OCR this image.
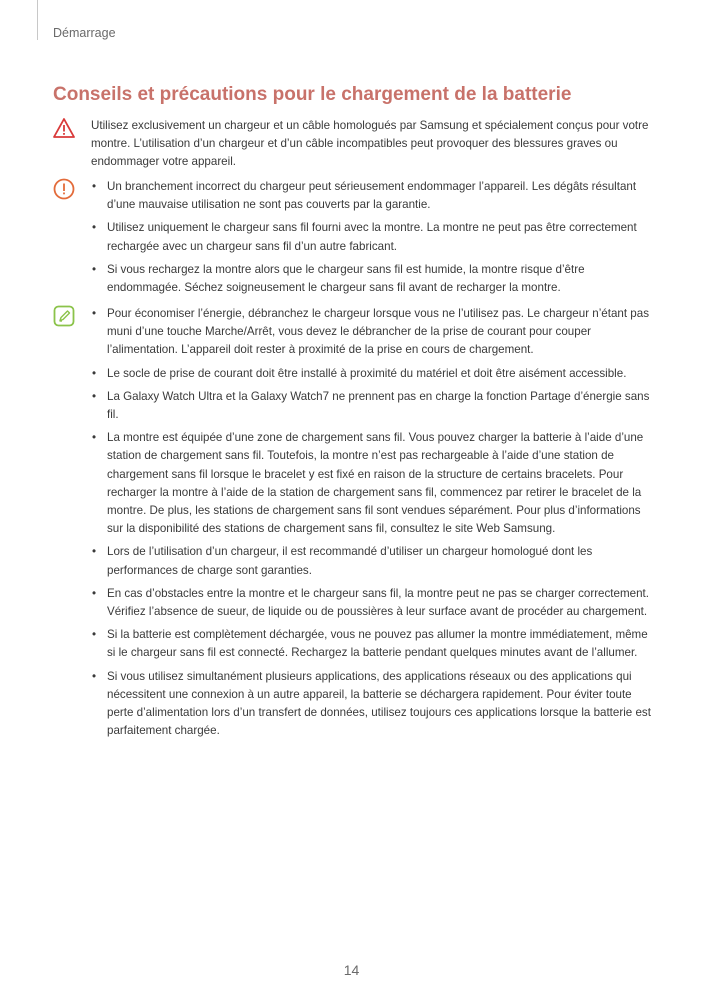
Démarrage
Conseils et précautions pour le chargement de la batterie
Utilisez exclusivement un chargeur et un câble homologués par Samsung et spécialement conçus pour votre montre. L’utilisation d’un chargeur et d’un câble incompatibles peut provoquer des blessures graves ou endommager votre appareil.
• Un branchement incorrect du chargeur peut sérieusement endommager l’appareil. Les dégâts résultant d’une mauvaise utilisation ne sont pas couverts par la garantie.
• Utilisez uniquement le chargeur sans fil fourni avec la montre. La montre ne peut pas être correctement rechargée avec un chargeur sans fil d’un autre fabricant.
• Si vous rechargez la montre alors que le chargeur sans fil est humide, la montre risque d’être endommagée. Séchez soigneusement le chargeur sans fil avant de recharger la montre.
• Pour économiser l’énergie, débranchez le chargeur lorsque vous ne l’utilisez pas. Le chargeur n’étant pas muni d’une touche Marche/Arrêt, vous devez le débrancher de la prise de courant pour couper l’alimentation. L’appareil doit rester à proximité de la prise en cours de chargement.
• Le socle de prise de courant doit être installé à proximité du matériel et doit être aisément accessible.
• La Galaxy Watch Ultra et la Galaxy Watch7 ne prennent pas en charge la fonction Partage d’énergie sans fil.
• La montre est équipée d’une zone de chargement sans fil. Vous pouvez charger la batterie à l’aide d’une station de chargement sans fil. Toutefois, la montre n’est pas rechargeable à l’aide d’une station de chargement sans fil lorsque le bracelet y est fixé en raison de la structure de certains bracelets. Pour recharger la montre à l’aide de la station de chargement sans fil, commencez par retirer le bracelet de la montre. De plus, les stations de chargement sans fil sont vendues séparément. Pour plus d’informations sur la disponibilité des stations de chargement sans fil, consultez le site Web Samsung.
• Lors de l’utilisation d’un chargeur, il est recommandé d’utiliser un chargeur homologué dont les performances de charge sont garanties.
• En cas d’obstacles entre la montre et le chargeur sans fil, la montre peut ne pas se charger correctement. Vérifiez l’absence de sueur, de liquide ou de poussières à leur surface avant de procéder au chargement.
• Si la batterie est complètement déchargée, vous ne pouvez pas allumer la montre immédiatement, même si le chargeur sans fil est connecté. Rechargez la batterie pendant quelques minutes avant de l’allumer.
• Si vous utilisez simultanément plusieurs applications, des applications réseaux ou des applications qui nécessitent une connexion à un autre appareil, la batterie se déchargera rapidement. Pour éviter toute perte d’alimentation lors d’un transfert de données, utilisez toujours ces applications lorsque la batterie est parfaitement chargée.
14
